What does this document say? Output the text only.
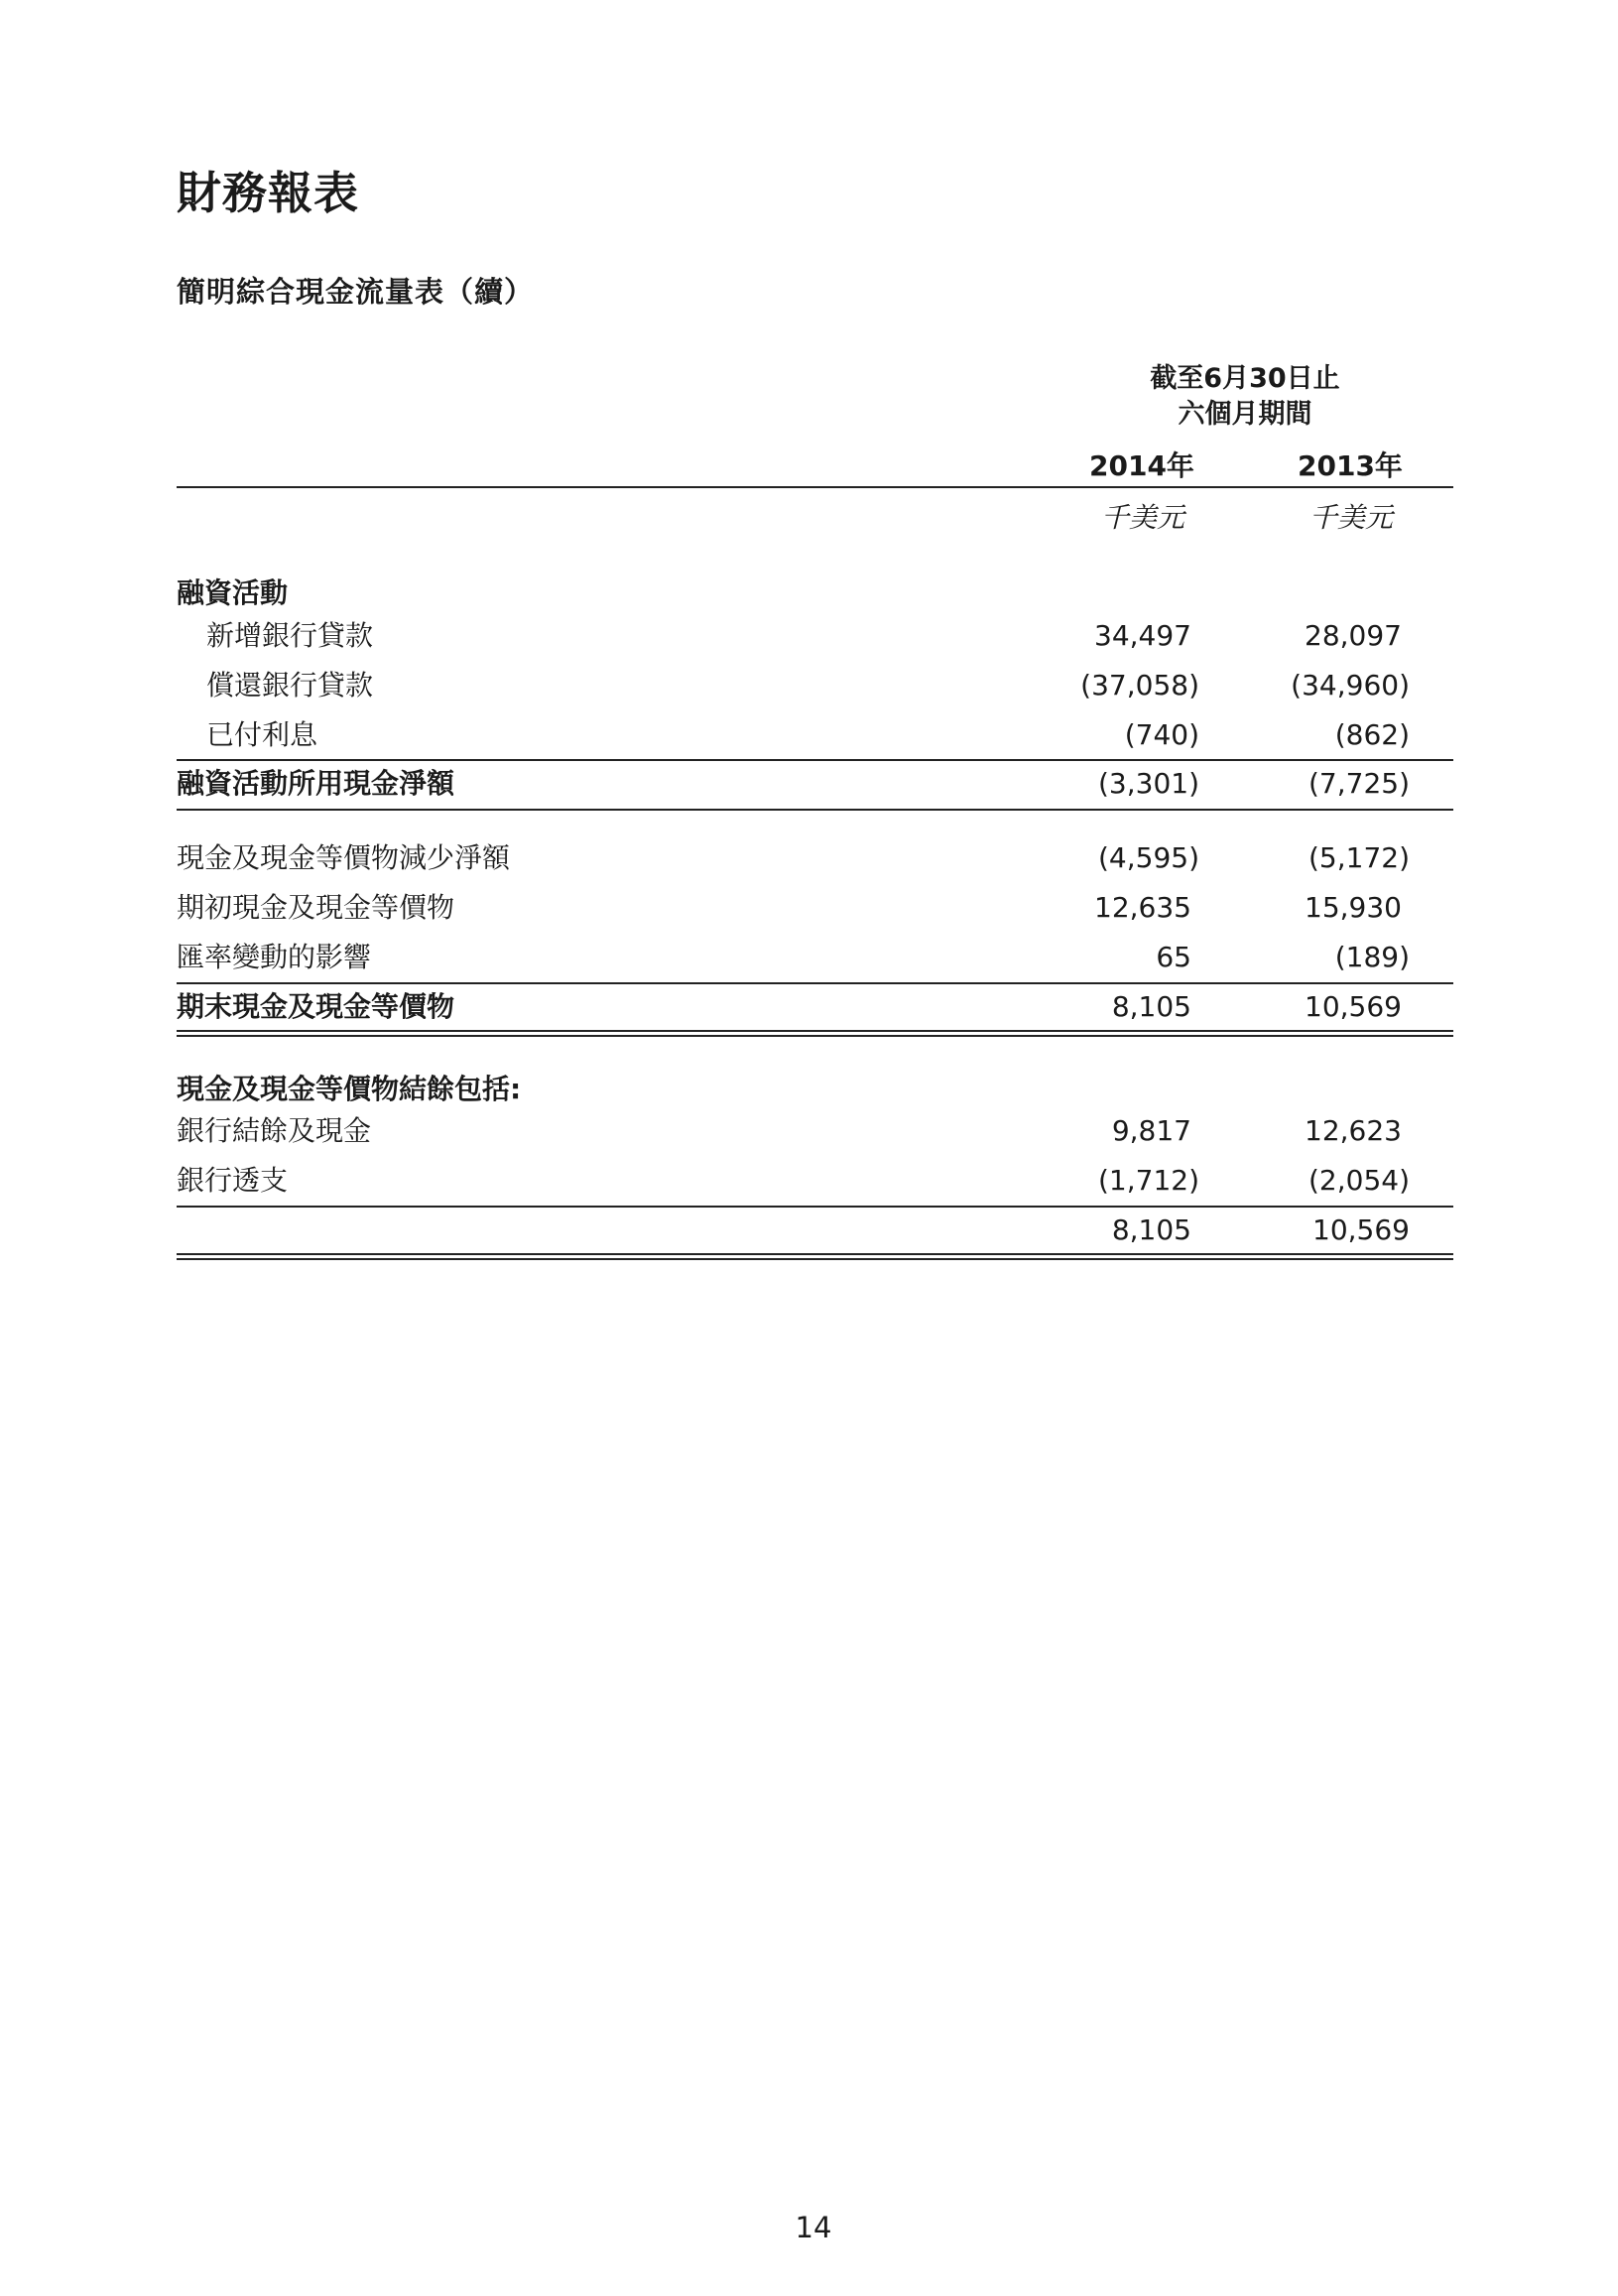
財務報表
簡明綜合現金流量表（續）
截至6月30日止
六個月期間
2014年	2013年
千美元	千美元
融資活動
新增銀行貸款	34,497	28,097
償還銀行貸款	(37,058)	(34,960)
已付利息	(740)	(862)
融資活動所用現金淨額	(3,301)	(7,725)
現金及現金等價物減少淨額	(4,595)	(5,172)
期初現金及現金等價物	12,635	15,930
匯率變動的影響	65	(189)
期末現金及現金等價物	8,105	10,569
現金及現金等價物結餘包括:
銀行結餘及現金	9,817	12,623
銀行透支	(1,712)	(2,054)
8,105	10,569
14
